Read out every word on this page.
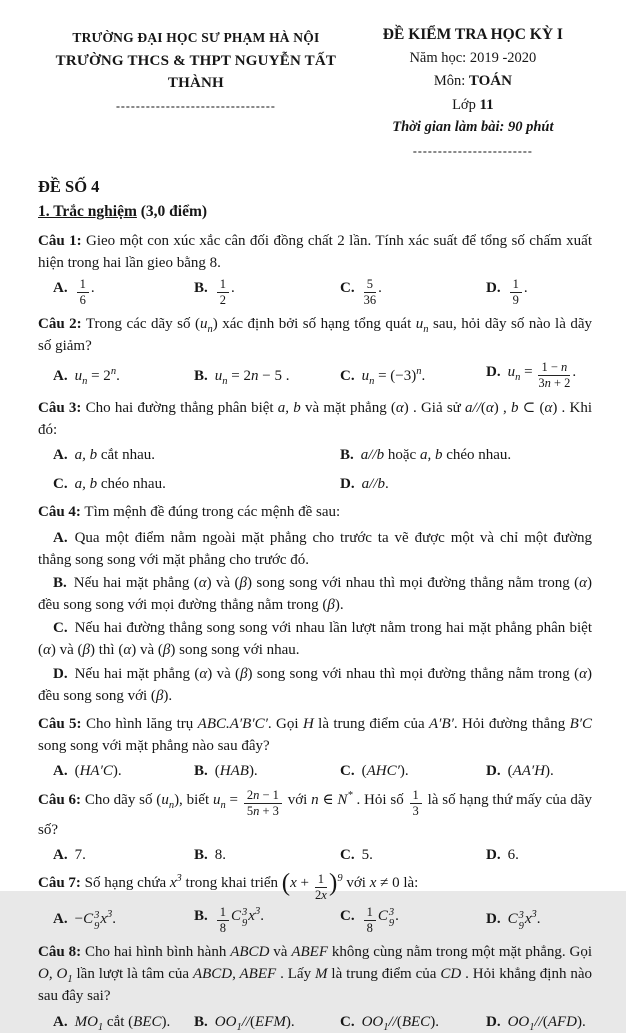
TRƯỜNG ĐẠI HỌC SƯ PHẠM HÀ NỘI
TRƯỜNG THCS & THPT NGUYỄN TẤT THÀNH
--------------------------------
ĐỀ KIỂM TRA HỌC KỲ I
Năm học: 2019 -2020
Môn: TOÁN
Lớp 11
Thời gian làm bài: 90 phút
------------------------
ĐỀ SỐ 4
1. Trắc nghiệm (3,0 điểm)
Câu 1: Gieo một con xúc xắc cân đối đồng chất 2 lần. Tính xác suất để tổng số chấm xuất hiện trong hai lần gieo bằng 8.
A. $\frac{1}{6}$ .	B. $\frac{1}{2}$ .	C. $\frac{5}{36}$ .	D. $\frac{1}{9}$ .
Câu 2: Trong các dãy số $(u_n)$ xác định bởi số hạng tổng quát $u_n$ sau, hỏi dãy số nào là dãy số giảm?
A. $u_n = 2^n$.	B. $u_n = 2n - 5$ .	C. $u_n = (-3)^n$.	D. $u_n = \frac{1 - n}{3n + 2}$ .
Câu 3: Cho hai đường thẳng phân biệt a, b và mặt phẳng (α) . Giả sử a//(α) , b ⊂ (α) . Khi đó:
A. a, b cắt nhau.	B. a//b hoặc a, b chéo nhau.
C. a, b chéo nhau.	D. a//b.
Câu 4: Tìm mệnh đề đúng trong các mệnh đề sau:
A. Qua một điểm nằm ngoài mặt phẳng cho trước ta vẽ được một và chỉ một đường thẳng song song với mặt phẳng cho trước đó.
B. Nếu hai mặt phẳng (α) và (β) song song với nhau thì mọi đường thẳng nằm trong (α) đều song song với mọi đường thẳng nằm trong (β).
C. Nếu hai đường thẳng song song với nhau lần lượt nằm trong hai mặt phẳng phân biệt (α) và (β) thì (α) và (β) song song với nhau.
D. Nếu hai mặt phẳng (α) và (β) song song với nhau thì mọi đường thẳng nằm trong (α) đều song song với (β).
Câu 5: Cho hình lăng trụ ABC.A′B′C′. Gọi H là trung điểm của A′B′. Hỏi đường thẳng B′C song song với mặt phẳng nào sau đây?
A. (HA′C).	B. (HAB).	C. (AHC′).	D. (AA′H).
Câu 6: Cho dãy số $(u_n)$, biết $u_n = \frac{2n - 1}{5n + 3}$ với n ∈ N* . Hỏi số $\frac{1}{3}$ là số hạng thứ mấy của dãy số?
A. 7.	B. 8.	C. 5.	D. 6.
Câu 7: Số hạng chứa $x^3$ trong khai triển $(x + \frac{1}{2x} )^9$ với x ≠ 0 là:
A. −C 3
9 $x^3$.	B. $\frac{1}{8}$ C 3
9 $x^3$.	C. $\frac{1}{8}$ C 3
9 .	D. C 3
9 $x^3$.
Câu 8: Cho hai hình bình hành ABCD và ABEF không cùng nằm trong một mặt phẳng. Gọi O, $O_1$ lần lượt là tâm của ABCD, ABEF . Lấy M là trung điểm của CD . Hỏi khẳng định nào sau đây sai?
A. $MO_1$ cắt (BEC).	B. $OO_1//(EFM)$.	C. $OO_1//(BEC)$.	D. $OO_1//(AFD)$.
